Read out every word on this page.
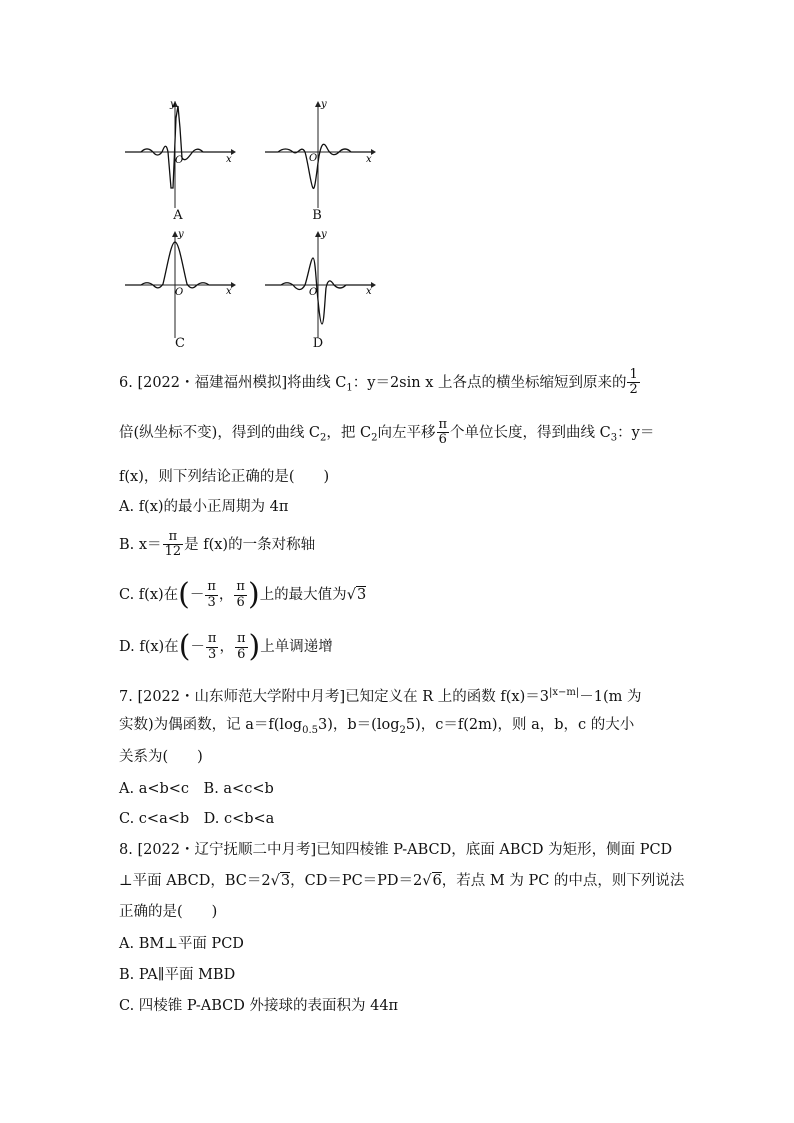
y
x
O
A
y
x
O
B
y
x
O
C
y
x
O
D
6. [2022・福建福州模拟]将曲线 $C_1$：y＝2sin x 上各点的横坐标缩短到原来的 $\frac{1}{2}$
倍(纵坐标不变)，得到的曲线 $C_2$，把 $C_2$向左平移 $\frac{\pi}{6}$ 个单位长度，得到曲线 $C_3$：y＝
f(x)，则下列结论正确的是(　　)
A. f(x)的最小正周期为 4π
B. $x= \frac{\pi}{12}$ 是 f(x)的一条对称轴
C. f(x)在(－ $\frac{\pi}{3}$ ， $\frac{\pi}{6}$ )上的最大值为√3
D. f(x)在(－ $\frac{\pi}{3}$ ， $\frac{\pi}{6}$ )上单调递增
7. [2022・山东师范大学附中月考]已知定义在 R 上的函数 $f(x)=3^{|x-m|}-1(m$ 为
实数)为偶函数，记 $a=f(\log_{0.5}3)$，$b=(\log_25)$，c＝f(2m)，则 a，b，c 的大小
关系为(　　)
A. a<b<c　B. a<c<b
C. c<a<b　D. c<b<a
8. [2022・辽宁抚顺二中月考]已知四棱锥 P-ABCD，底面 ABCD 为矩形，侧面 PCD
⊥平面 ABCD，BC＝2√3，CD＝PC＝PD＝2√6，若点 M 为 PC 的中点，则下列说法
正确的是(　　)
A. BM⊥平面 PCD
B. PA∥平面 MBD
C. 四棱锥 P-ABCD 外接球的表面积为 44π
